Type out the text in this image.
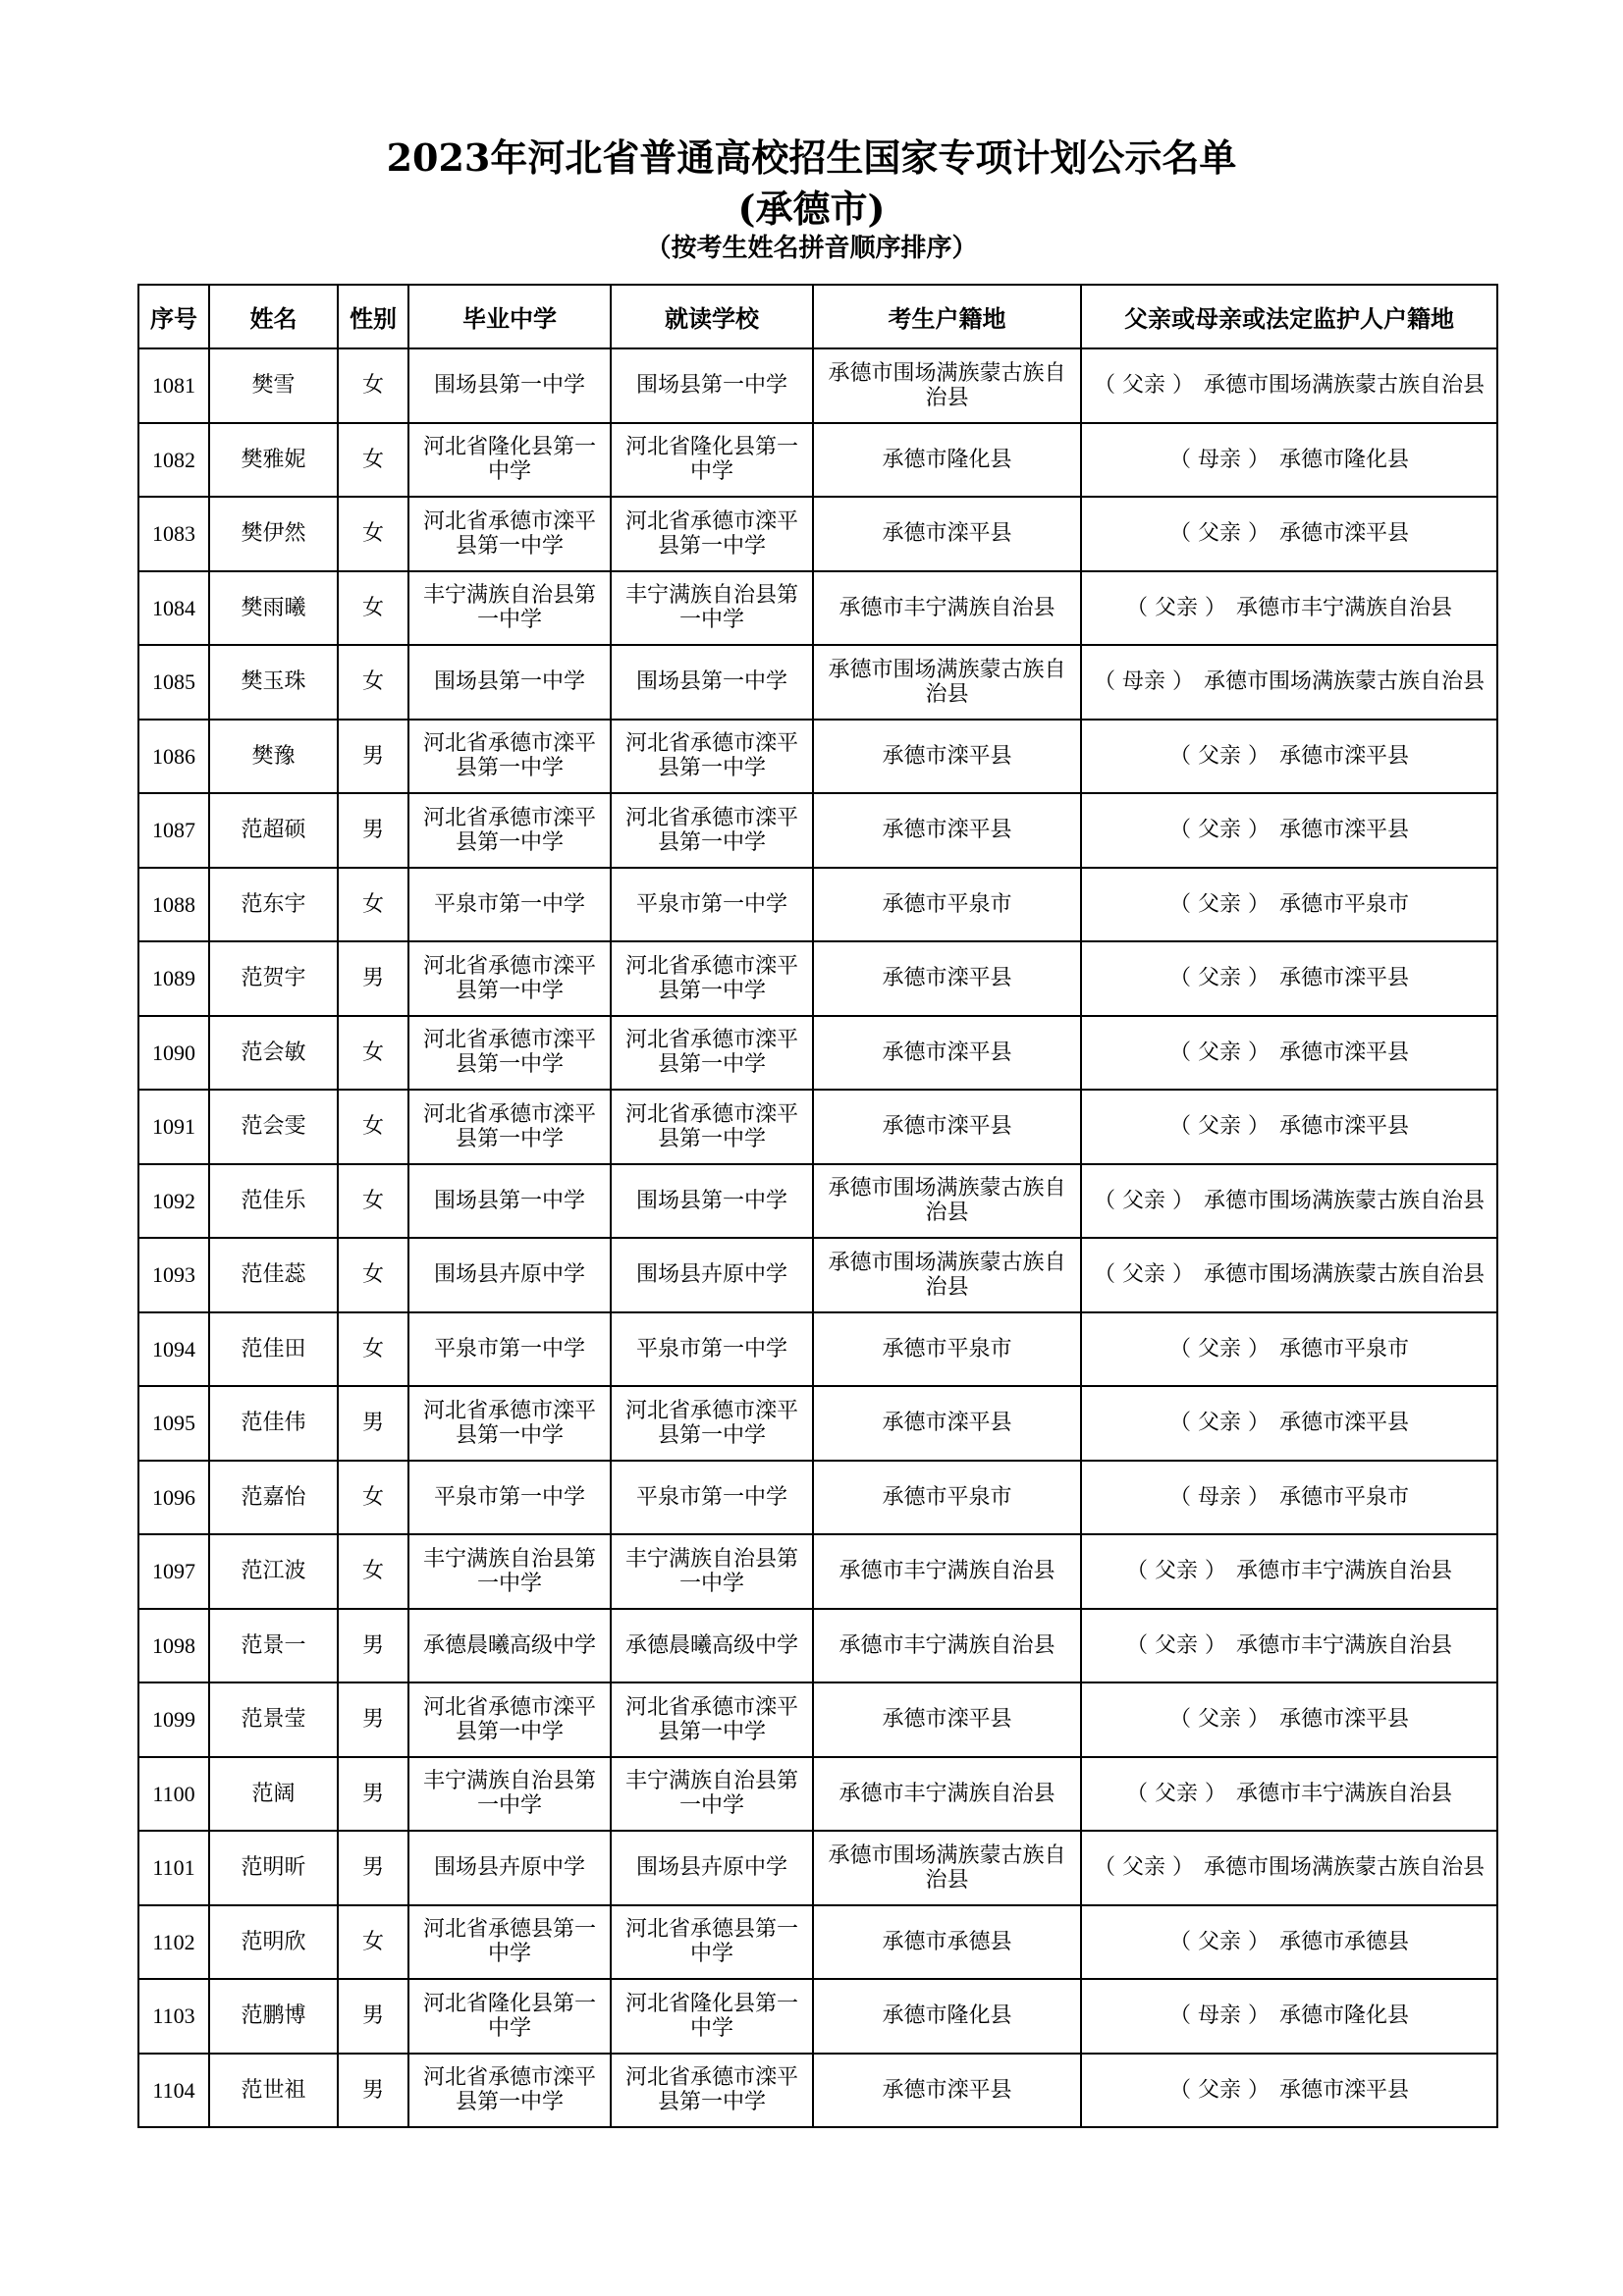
2023年河北省普通高校招生国家专项计划公示名单
(承德市)
（按考生姓名拼音顺序排序）
序号	姓名	性别	毕业中学	就读学校	考生户籍地	父亲或母亲或法定监护人户籍地
1081	樊雪	女	围场县第一中学	围场县第一中学	承德市围场满族蒙古族自治县	（ 父亲 ） 承德市围场满族蒙古族自治县
1082	樊雅妮	女	河北省隆化县第一中学	河北省隆化县第一中学	承德市隆化县	（ 母亲 ） 承德市隆化县
1083	樊伊然	女	河北省承德市滦平县第一中学	河北省承德市滦平县第一中学	承德市滦平县	（ 父亲 ） 承德市滦平县
1084	樊雨曦	女	丰宁满族自治县第一中学	丰宁满族自治县第一中学	承德市丰宁满族自治县	（ 父亲 ） 承德市丰宁满族自治县
1085	樊玉珠	女	围场县第一中学	围场县第一中学	承德市围场满族蒙古族自治县	（ 母亲 ） 承德市围场满族蒙古族自治县
1086	樊豫	男	河北省承德市滦平县第一中学	河北省承德市滦平县第一中学	承德市滦平县	（ 父亲 ） 承德市滦平县
1087	范超硕	男	河北省承德市滦平县第一中学	河北省承德市滦平县第一中学	承德市滦平县	（ 父亲 ） 承德市滦平县
1088	范东宇	女	平泉市第一中学	平泉市第一中学	承德市平泉市	（ 父亲 ） 承德市平泉市
1089	范贺宇	男	河北省承德市滦平县第一中学	河北省承德市滦平县第一中学	承德市滦平县	（ 父亲 ） 承德市滦平县
1090	范会敏	女	河北省承德市滦平县第一中学	河北省承德市滦平县第一中学	承德市滦平县	（ 父亲 ） 承德市滦平县
1091	范会雯	女	河北省承德市滦平县第一中学	河北省承德市滦平县第一中学	承德市滦平县	（ 父亲 ） 承德市滦平县
1092	范佳乐	女	围场县第一中学	围场县第一中学	承德市围场满族蒙古族自治县	（ 父亲 ） 承德市围场满族蒙古族自治县
1093	范佳蕊	女	围场县卉原中学	围场县卉原中学	承德市围场满族蒙古族自治县	（ 父亲 ） 承德市围场满族蒙古族自治县
1094	范佳田	女	平泉市第一中学	平泉市第一中学	承德市平泉市	（ 父亲 ） 承德市平泉市
1095	范佳伟	男	河北省承德市滦平县第一中学	河北省承德市滦平县第一中学	承德市滦平县	（ 父亲 ） 承德市滦平县
1096	范嘉怡	女	平泉市第一中学	平泉市第一中学	承德市平泉市	（ 母亲 ） 承德市平泉市
1097	范江波	女	丰宁满族自治县第一中学	丰宁满族自治县第一中学	承德市丰宁满族自治县	（ 父亲 ） 承德市丰宁满族自治县
1098	范景一	男	承德晨曦高级中学	承德晨曦高级中学	承德市丰宁满族自治县	（ 父亲 ） 承德市丰宁满族自治县
1099	范景莹	男	河北省承德市滦平县第一中学	河北省承德市滦平县第一中学	承德市滦平县	（ 父亲 ） 承德市滦平县
1100	范阔	男	丰宁满族自治县第一中学	丰宁满族自治县第一中学	承德市丰宁满族自治县	（ 父亲 ） 承德市丰宁满族自治县
1101	范明昕	男	围场县卉原中学	围场县卉原中学	承德市围场满族蒙古族自治县	（ 父亲 ） 承德市围场满族蒙古族自治县
1102	范明欣	女	河北省承德县第一中学	河北省承德县第一中学	承德市承德县	（ 父亲 ） 承德市承德县
1103	范鹏博	男	河北省隆化县第一中学	河北省隆化县第一中学	承德市隆化县	（ 母亲 ） 承德市隆化县
1104	范世祖	男	河北省承德市滦平县第一中学	河北省承德市滦平县第一中学	承德市滦平县	（ 父亲 ） 承德市滦平县
